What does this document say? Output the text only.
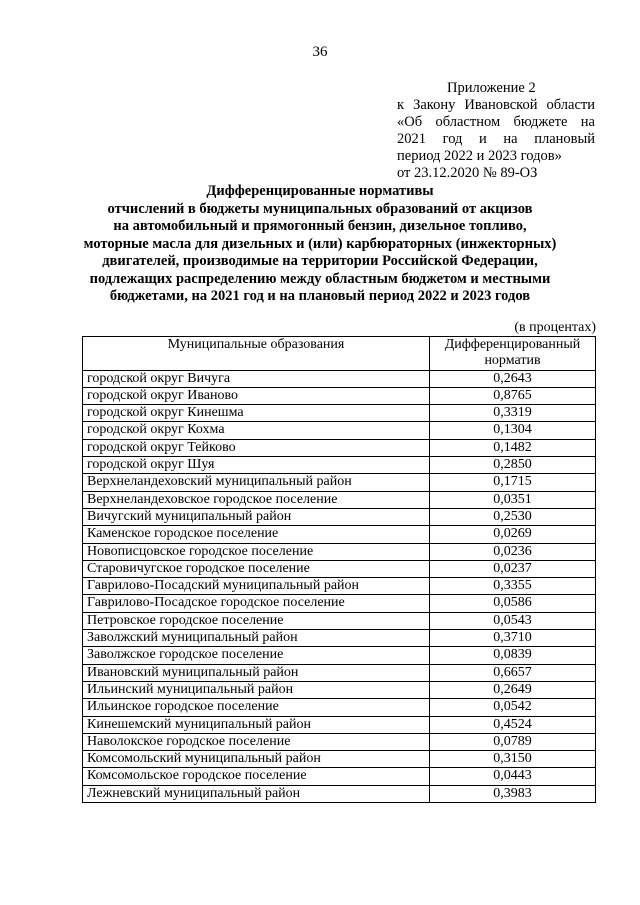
36
Приложение 2
к Закону Ивановской области
«Об областном бюджете на
2021 год и на плановый
период 2022 и 2023 годов»
от 23.12.2020 № 89-ОЗ
Дифференцированные нормативы
отчислений в бюджеты муниципальных образований от акцизов
на автомобильный и прямогонный бензин, дизельное топливо,
моторные масла для дизельных и (или) карбюраторных (инжекторных)
двигателей, производимые на территории Российской Федерации,
подлежащих распределению между областным бюджетом и местными
бюджетами, на 2021 год и на плановый период 2022 и 2023 годов
(в процентах)
Муниципальные образования	Дифференцированный норматив
городской округ Вичуга	0,2643
городской округ Иваново	0,8765
городской округ Кинешма	0,3319
городской округ Кохма	0,1304
городской округ Тейково	0,1482
городской округ Шуя	0,2850
Верхнеландеховский муниципальный район	0,1715
Верхнеландеховское городское поселение	0,0351
Вичугский муниципальный район	0,2530
Каменское городское поселение	0,0269
Новописцовское городское поселение	0,0236
Старовичугское городское поселение	0,0237
Гаврилово-Посадский муниципальный район	0,3355
Гаврилово-Посадское городское поселение	0,0586
Петровское городское поселение	0,0543
Заволжский муниципальный район	0,3710
Заволжское городское поселение	0,0839
Ивановский муниципальный район	0,6657
Ильинский муниципальный район	0,2649
Ильинское городское поселение	0,0542
Кинешемский муниципальный район	0,4524
Наволокское городское поселение	0,0789
Комсомольский муниципальный район	0,3150
Комсомольское городское поселение	0,0443
Лежневский муниципальный район	0,3983
